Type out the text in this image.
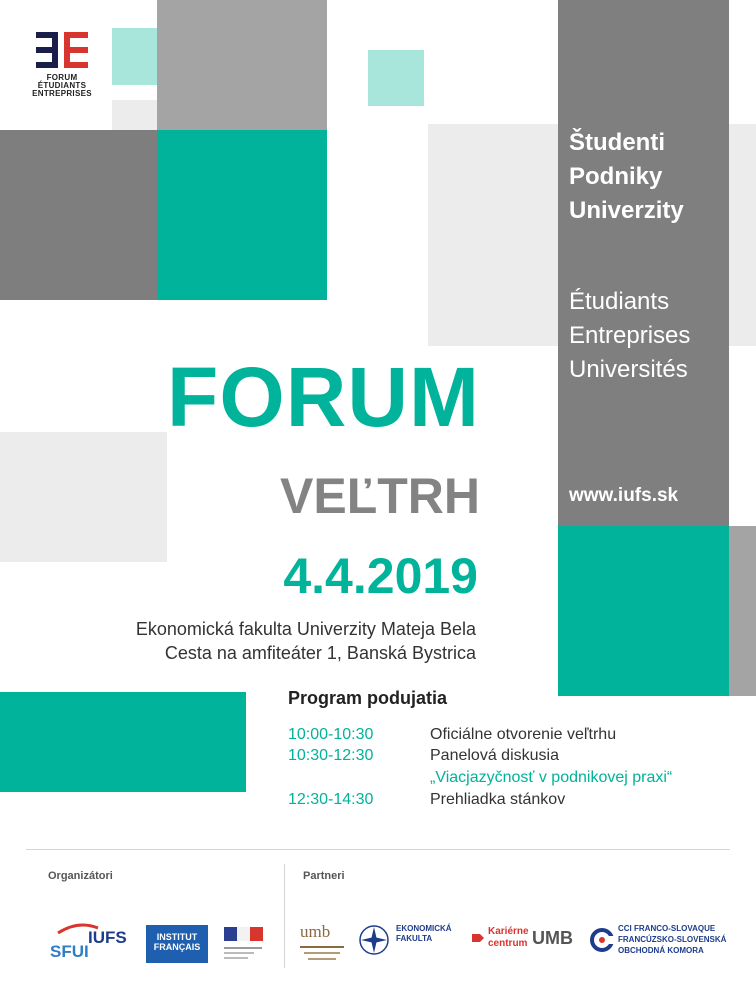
FORUM
ÉTUDIANTS
ENTREPRISES
Študenti
Podniky
Univerzity
Étudiants
Entreprises
Universités
www.iufs.sk
FORUM
VEĽTRH
4.4.2019
Ekonomická fakulta Univerzity Mateja Bela
Cesta na amfiteáter 1, Banská Bystrica
Program podujatia
10:00-10:30	Oficiálne otvorenie veľtrhu
10:30-12:30	Panelová diskusia
„Viacjazyčnosť v podnikovej praxi“
12:30-14:30	Prehliadka stánkov
Organizátori	Partneri
IUFS
SFUI
INSTITUT
FRANÇAIS
umb	EKONOMICKÁ
FAKULTA
Kariérne
centrum UMB	CCI FRANCO-SLOVAQUE
FRANCÚZSKO-SLOVENSKÁ
OBCHODNÁ KOMORA
